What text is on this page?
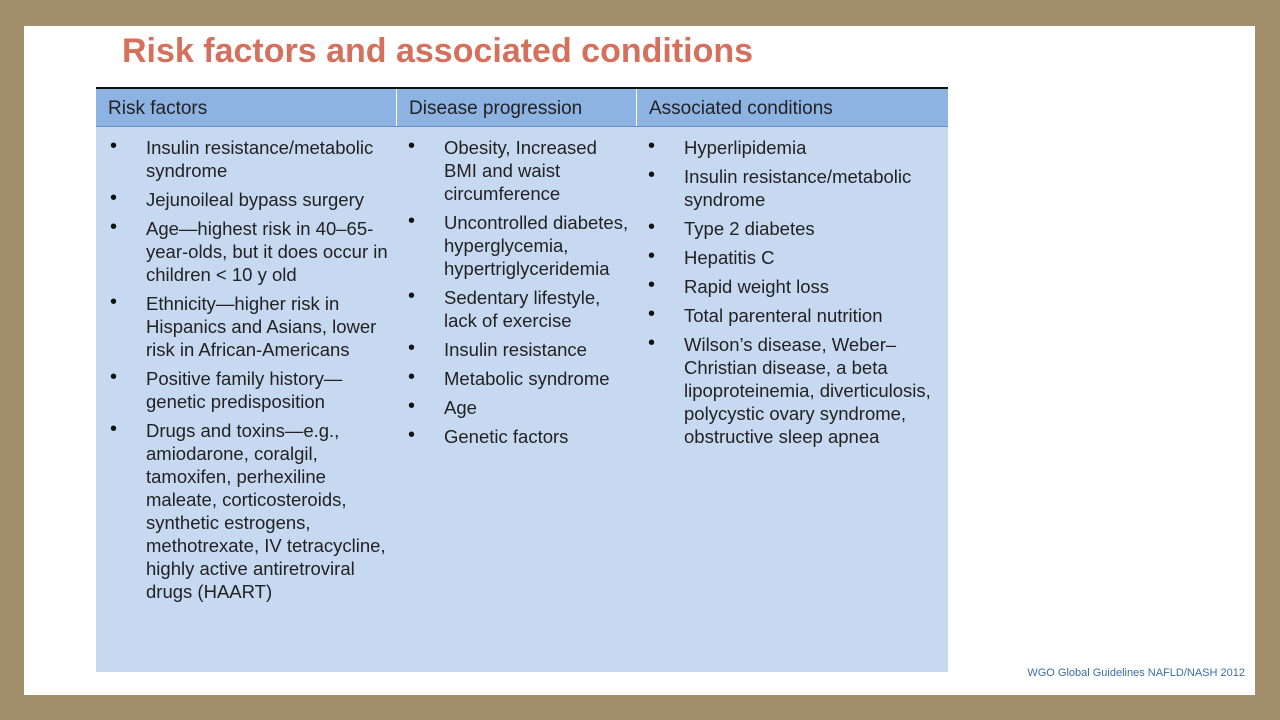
Risk factors and associated conditions
Risk factors	Disease progression	Associated conditions
• Insulin resistance/metabolic syndrome
• Jejunoileal bypass surgery
• Age—highest risk in 40–65-year-olds, but it does occur in children < 10 y old
• Ethnicity—higher risk in Hispanics and Asians, lower risk in African-Americans
• Positive family history—genetic predisposition
• Drugs and toxins—e.g., amiodarone, coralgil, tamoxifen, perhexiline maleate, corticosteroids, synthetic estrogens, methotrexate, IV tetracycline, highly active antiretroviral drugs (HAART)
• Obesity, Increased BMI and waist circumference
• Uncontrolled diabetes, hyperglycemia, hypertriglyceridemia
• Sedentary lifestyle, lack of exercise
• Insulin resistance
• Metabolic syndrome
• Age
• Genetic factors
• Hyperlipidemia
• Insulin resistance/metabolic syndrome
• Type 2 diabetes
• Hepatitis C
• Rapid weight loss
• Total parenteral nutrition
• Wilson’s disease, Weber–Christian disease, a beta lipoproteinemia, diverticulosis, polycystic ovary syndrome, obstructive sleep apnea
WGO Global Guidelines NAFLD/NASH 2012
